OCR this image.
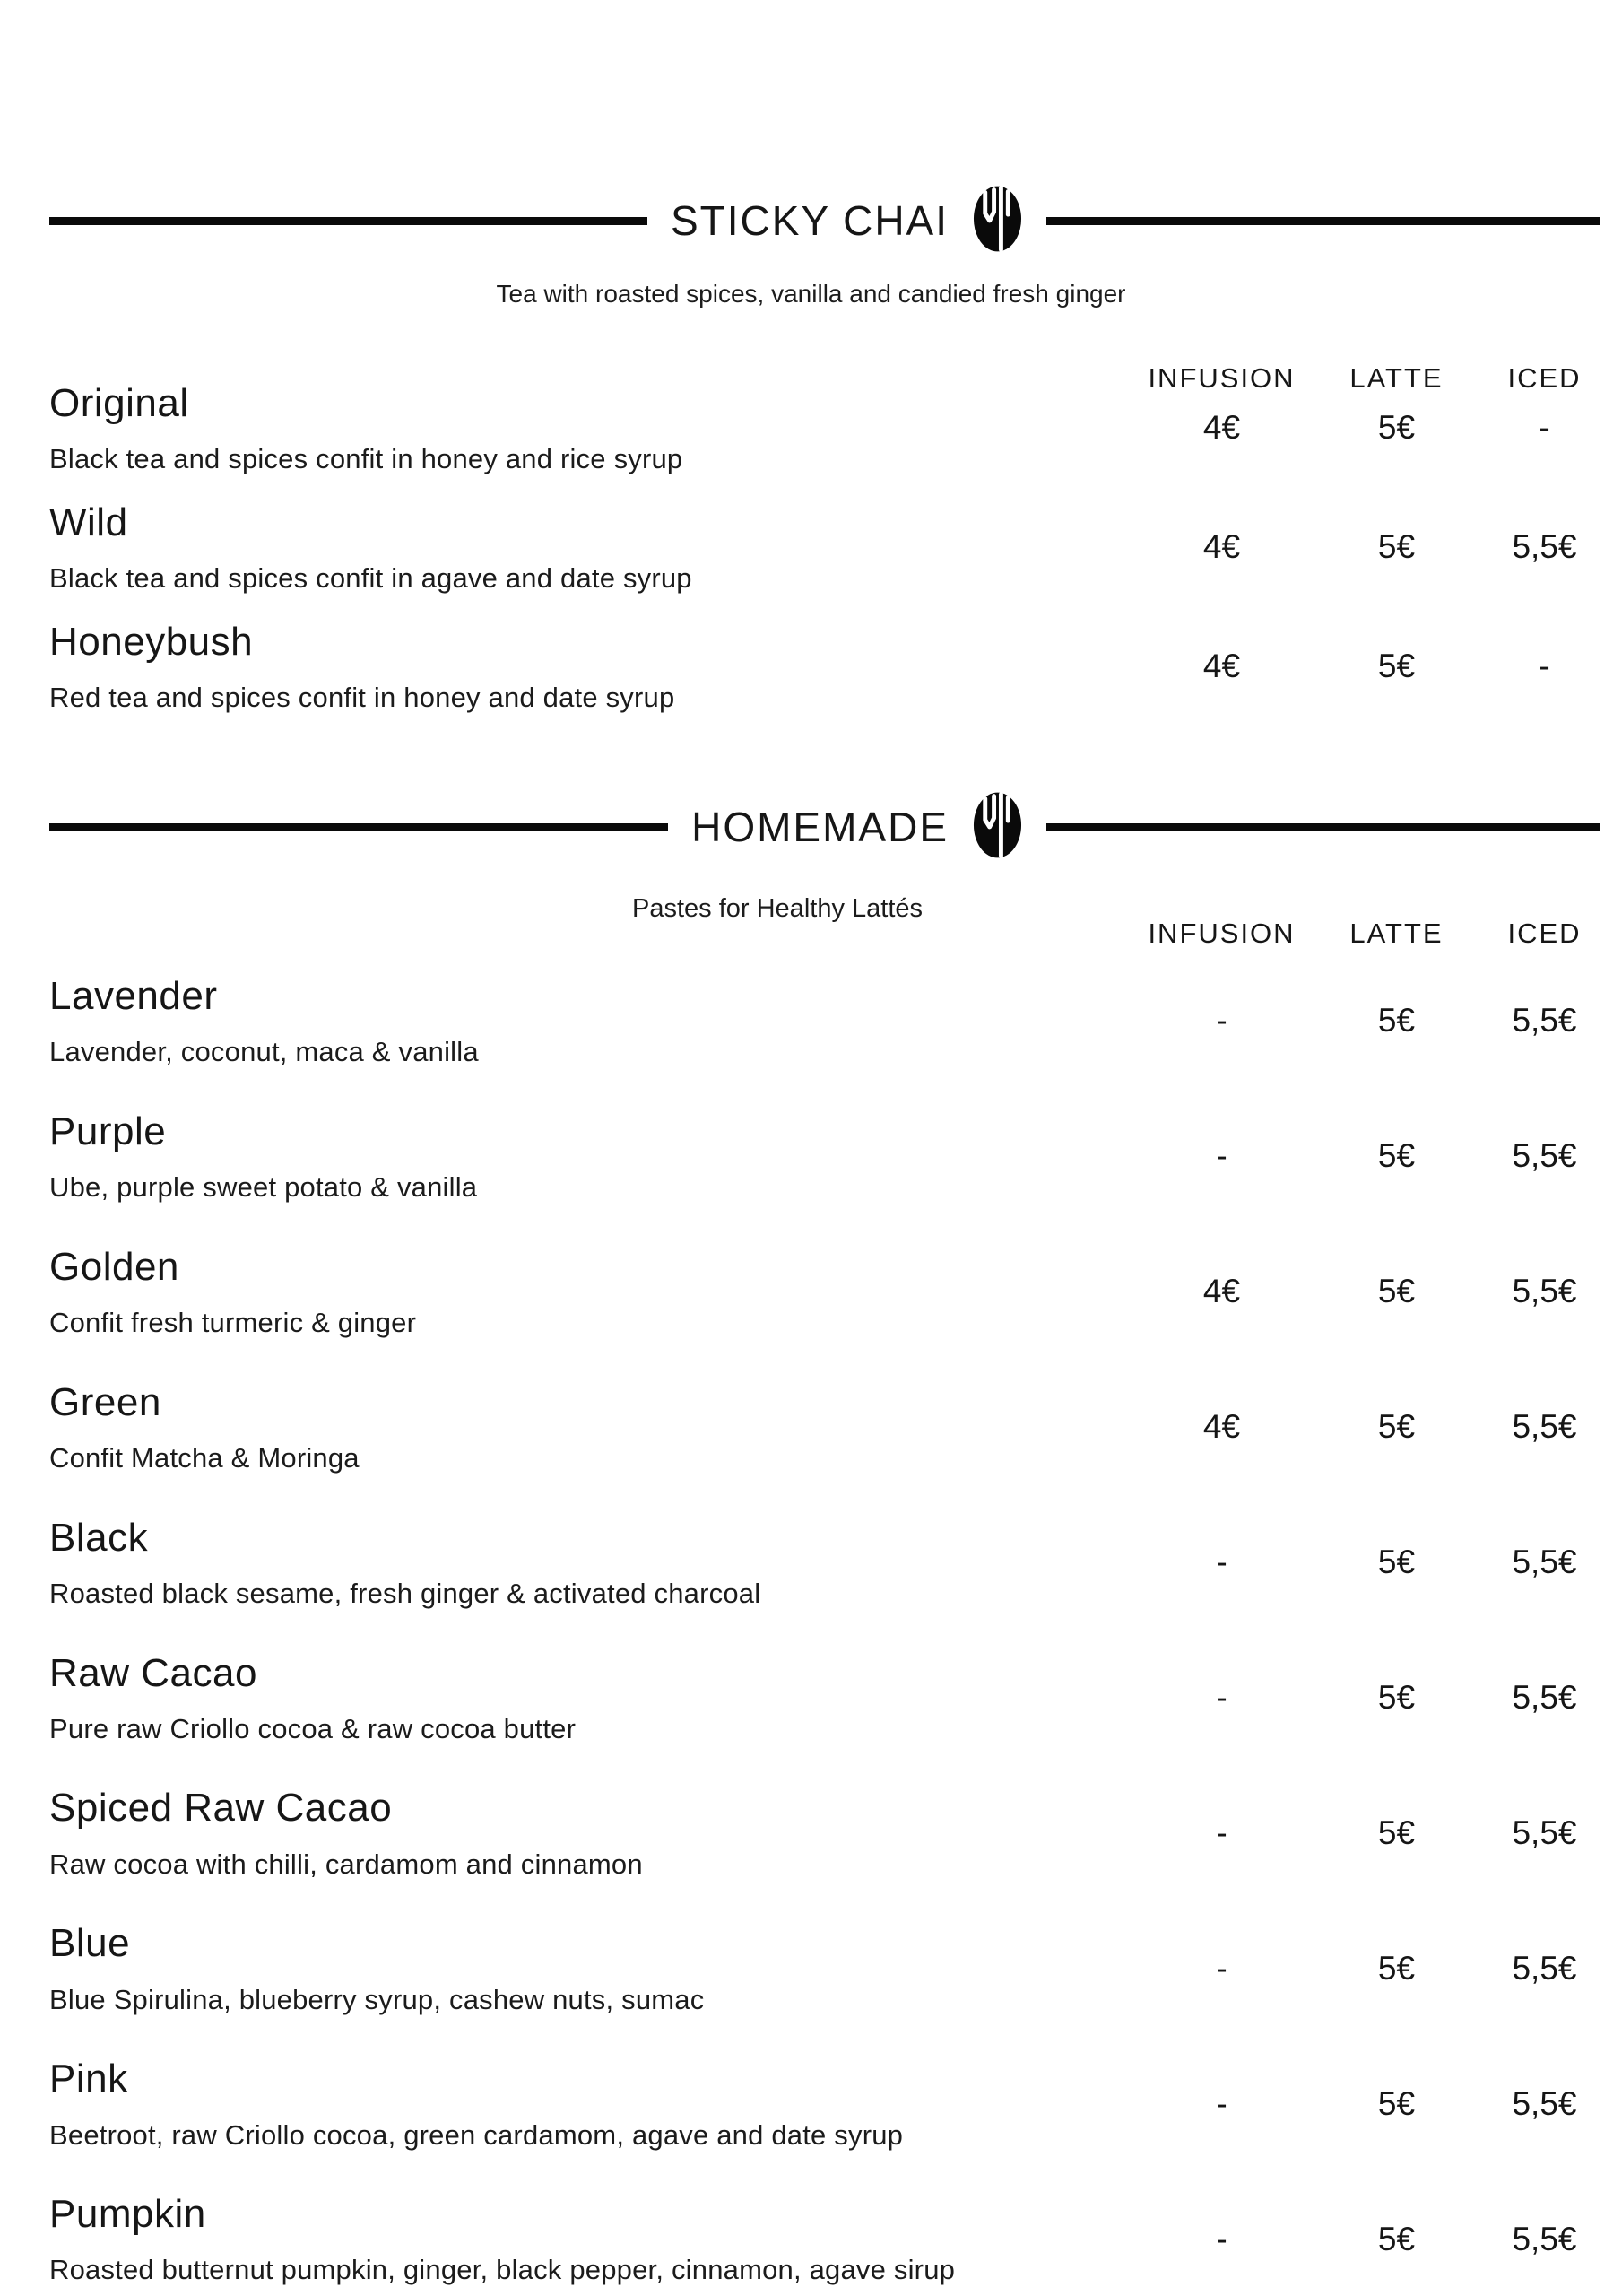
STICKY CHAI

Tea with roasted spices, vanilla and candied fresh ginger

INFUSION	LATTE	ICED
Original
Black tea and spices confit in honey and rice syrup
4€	5€	-
Wild
Black tea and spices confit in agave and date syrup
4€	5€	5,5€
Honeybush
Red tea and spices confit in honey and date syrup
4€	5€	-
HOMEMADE

Pastes for Healthy Lattés

INFUSION	LATTE	ICED
Lavender
Lavender, coconut, maca & vanilla
-	5€	5,5€
Purple
Ube, purple sweet potato & vanilla
-	5€	5,5€
Golden
Confit fresh turmeric & ginger
4€	5€	5,5€
Green
Confit Matcha & Moringa
4€	5€	5,5€
Black
Roasted black sesame, fresh ginger & activated charcoal
-	5€	5,5€
Raw Cacao
Pure raw Criollo cocoa & raw cocoa butter
-	5€	5,5€
Spiced Raw Cacao
Raw cocoa with chilli, cardamom and cinnamon
-	5€	5,5€
Blue
Blue Spirulina, blueberry syrup, cashew nuts, sumac
-	5€	5,5€
Pink
Beetroot, raw Criollo cocoa, green cardamom, agave and date syrup
-	5€	5,5€
Pumpkin
Roasted butternut pumpkin, ginger, black pepper, cinnamon, agave sirup
-	5€	5,5€
